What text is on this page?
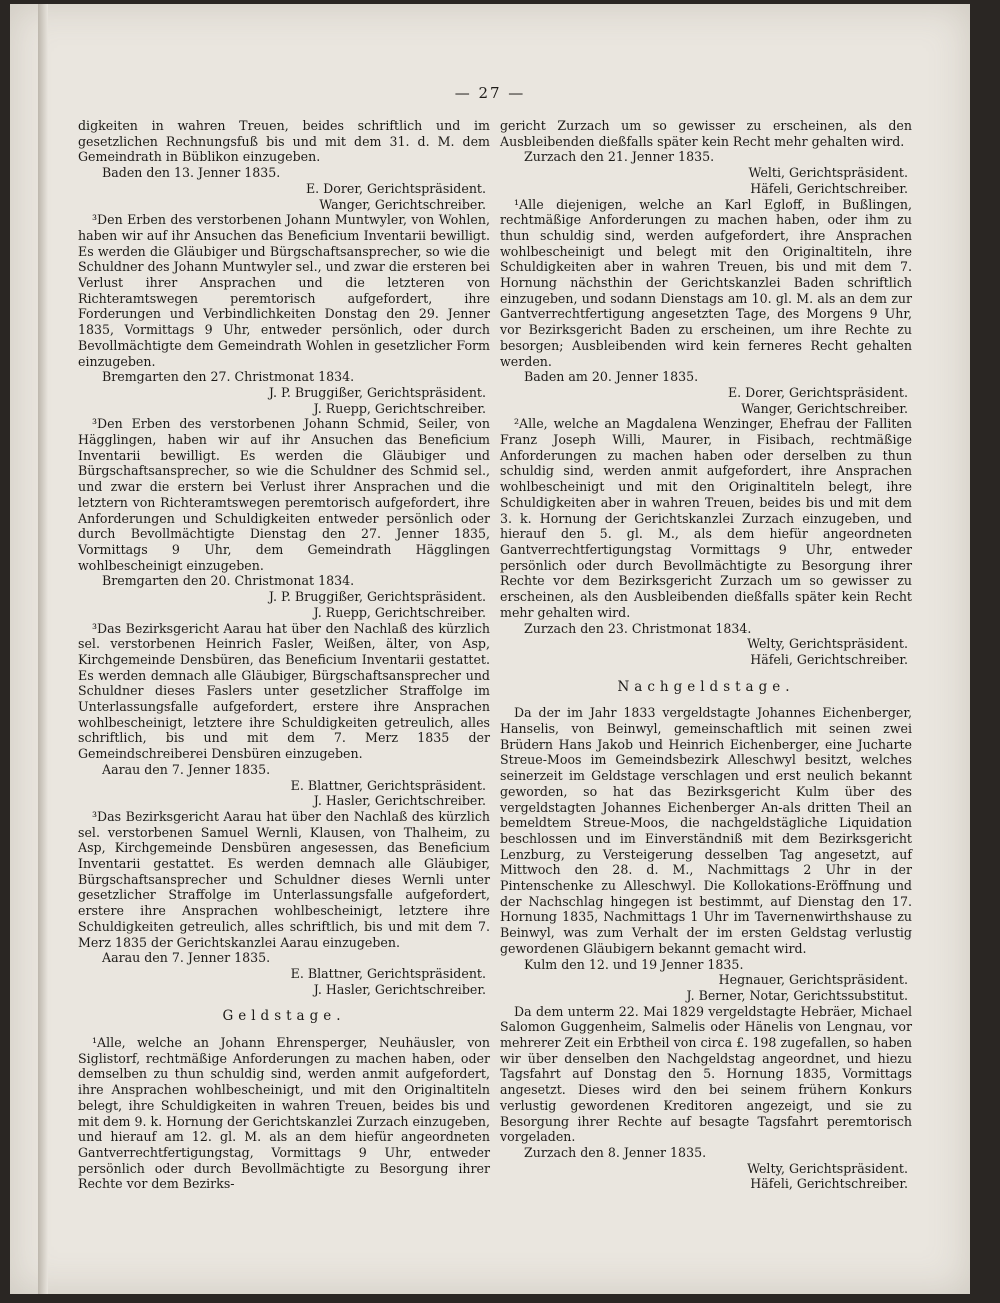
— 27 —

digkeiten in wahren Treuen, beides schriftlich und im gesetzlichen Rechnungsfuß bis und mit dem 31. d. M. dem Gemeindrath in Büblikon einzugeben.

Baden den 13. Jenner 1835.

E. Dorer, Gerichtspräsident.

Wanger, Gerichtschreiber.

³Den Erben des verstorbenen Johann Muntwyler, von Wohlen, haben wir auf ihr Ansuchen das Beneficium Inventarii bewilligt. Es werden die Gläubiger und Bürgschaftsansprecher, so wie die Schuldner des Johann Muntwyler sel., und zwar die ersteren bei Verlust ihrer Ansprachen und die letzteren von Richteramtswegen peremtorisch aufgefordert, ihre Forderungen und Verbindlichkeiten Donstag den 29. Jenner 1835, Vormittags 9 Uhr, entweder persönlich, oder durch Bevollmächtigte dem Gemeindrath Wohlen in gesetzlicher Form einzugeben.

Bremgarten den 27. Christmonat 1834.

J. P. Bruggißer, Gerichtspräsident.

J. Ruepp, Gerichtschreiber.

³Den Erben des verstorbenen Johann Schmid, Seiler, von Hägglingen, haben wir auf ihr Ansuchen das Beneficium Inventarii bewilligt. Es werden die Gläubiger und Bürgschaftsansprecher, so wie die Schuldner des Schmid sel., und zwar die erstern bei Verlust ihrer Ansprachen und die letztern von Richteramtswegen peremtorisch aufgefordert, ihre Anforderungen und Schuldigkeiten entweder persönlich oder durch Bevollmächtigte Dienstag den 27. Jenner 1835, Vormittags 9 Uhr, dem Gemeindrath Hägglingen wohlbescheinigt einzugeben.

Bremgarten den 20. Christmonat 1834.

J. P. Bruggißer, Gerichtspräsident.

J. Ruepp, Gerichtschreiber.

³Das Bezirksgericht Aarau hat über den Nachlaß des kürzlich sel. verstorbenen Heinrich Fasler, Weißen, älter, von Asp, Kirchgemeinde Densbüren, das Beneficium Inventarii gestattet. Es werden demnach alle Gläubiger, Bürgschaftsansprecher und Schuldner dieses Faslers unter gesetzlicher Straffolge im Unterlassungsfalle aufgefordert, erstere ihre Ansprachen wohlbescheinigt, letztere ihre Schuldigkeiten getreulich, alles schriftlich, bis und mit dem 7. Merz 1835 der Gemeindschreiberei Densbüren einzugeben.

Aarau den 7. Jenner 1835.

E. Blattner, Gerichtspräsident.

J. Hasler, Gerichtschreiber.

³Das Bezirksgericht Aarau hat über den Nachlaß des kürzlich sel. verstorbenen Samuel Wernli, Klausen, von Thalheim, zu Asp, Kirchgemeinde Densbüren angesessen, das Beneficium Inventarii gestattet. Es werden demnach alle Gläubiger, Bürgschaftsansprecher und Schuldner dieses Wernli unter gesetzlicher Straffolge im Unterlassungsfalle aufgefordert, erstere ihre Ansprachen wohlbescheinigt, letztere ihre Schuldigkeiten getreulich, alles schriftlich, bis und mit dem 7. Merz 1835 der Gerichtskanzlei Aarau einzugeben.

Aarau den 7. Jenner 1835.

E. Blattner, Gerichtspräsident.

J. Hasler, Gerichtschreiber.

Geldstage.

¹Alle, welche an Johann Ehrensperger, Neuhäusler, von Siglistorf, rechtmäßige Anforderungen zu machen haben, oder demselben zu thun schuldig sind, werden anmit aufgefordert, ihre Ansprachen wohlbescheinigt, und mit den Originaltiteln belegt, ihre Schuldigkeiten in wahren Treuen, beides bis und mit dem 9. k. Hornung der Gerichtskanzlei Zurzach einzugeben, und hierauf am 12. gl. M. als an dem hiefür angeordneten Gantverrechtfertigungstag, Vormittags 9 Uhr, entweder persönlich oder durch Bevollmächtigte zu Besorgung ihrer Rechte vor dem Bezirks-

gericht Zurzach um so gewisser zu erscheinen, als den Ausbleibenden dießfalls später kein Recht mehr gehalten wird.

Zurzach den 21. Jenner 1835.

Welti, Gerichtspräsident.

Häfeli, Gerichtschreiber.

¹Alle diejenigen, welche an Karl Egloff, in Bußlingen, rechtmäßige Anforderungen zu machen haben, oder ihm zu thun schuldig sind, werden aufgefordert, ihre Ansprachen wohlbescheinigt und belegt mit den Originaltiteln, ihre Schuldigkeiten aber in wahren Treuen, bis und mit dem 7. Hornung nächsthin der Gerichtskanzlei Baden schriftlich einzugeben, und sodann Dienstags am 10. gl. M. als an dem zur Gantverrechtfertigung angesetzten Tage, des Morgens 9 Uhr, vor Bezirksgericht Baden zu erscheinen, um ihre Rechte zu besorgen; Ausbleibenden wird kein ferneres Recht gehalten werden.

Baden am 20. Jenner 1835.

E. Dorer, Gerichtspräsident.

Wanger, Gerichtschreiber.

²Alle, welche an Magdalena Wenzinger, Ehefrau der Falliten Franz Joseph Willi, Maurer, in Fisibach, rechtmäßige Anforderungen zu machen haben oder derselben zu thun schuldig sind, werden anmit aufgefordert, ihre Ansprachen wohlbescheinigt und mit den Originaltiteln belegt, ihre Schuldigkeiten aber in wahren Treuen, beides bis und mit dem 3. k. Hornung der Gerichtskanzlei Zurzach einzugeben, und hierauf den 5. gl. M., als dem hiefür angeordneten Gantverrechtfertigungstag Vormittags 9 Uhr, entweder persönlich oder durch Bevollmächtigte zu Besorgung ihrer Rechte vor dem Bezirksgericht Zurzach um so gewisser zu erscheinen, als den Ausbleibenden dießfalls später kein Recht mehr gehalten wird.

Zurzach den 23. Christmonat 1834.

Welty, Gerichtspräsident.

Häfeli, Gerichtschreiber.

Nachgeldstage.

Da der im Jahr 1833 vergeldstagte Johannes Eichenberger, Hanselis, von Beinwyl, gemeinschaftlich mit seinen zwei Brüdern Hans Jakob und Heinrich Eichenberger, eine Jucharte Streue-Moos im Gemeindsbezirk Alleschwyl besitzt, welches seinerzeit im Geldstage verschlagen und erst neulich bekannt geworden, so hat das Bezirksgericht Kulm über des vergeldstagten Johannes Eichenberger An-als dritten Theil an bemeldtem Streue-Moos, die nachgeldstägliche Liquidation beschlossen und im Einverständniß mit dem Bezirksgericht Lenzburg, zu Versteigerung desselben Tag angesetzt, auf Mittwoch den 28. d. M., Nachmittags 2 Uhr in der Pintenschenke zu Alleschwyl. Die Kollokations-Eröffnung und der Nachschlag hingegen ist bestimmt, auf Dienstag den 17. Hornung 1835, Nachmittags 1 Uhr im Tavernenwirthshause zu Beinwyl, was zum Verhalt der im ersten Geldstag verlustig gewordenen Gläubigern bekannt gemacht wird.

Kulm den 12. und 19 Jenner 1835.

Hegnauer, Gerichtspräsident.

J. Berner, Notar, Gerichtssubstitut.

Da dem unterm 22. Mai 1829 vergeldstagte Hebräer, Michael Salomon Guggenheim, Salmelis oder Hänelis von Lengnau, vor mehrerer Zeit ein Erbtheil von circa £. 198 zugefallen, so haben wir über denselben den Nachgeldstag angeordnet, und hiezu Tagsfahrt auf Donstag den 5. Hornung 1835, Vormittags angesetzt. Dieses wird den bei seinem frühern Konkurs verlustig gewordenen Kreditoren angezeigt, und sie zu Besorgung ihrer Rechte auf besagte Tagsfahrt peremtorisch vorgeladen.

Zurzach den 8. Jenner 1835.

Welty, Gerichtspräsident.

Häfeli, Gerichtschreiber.
